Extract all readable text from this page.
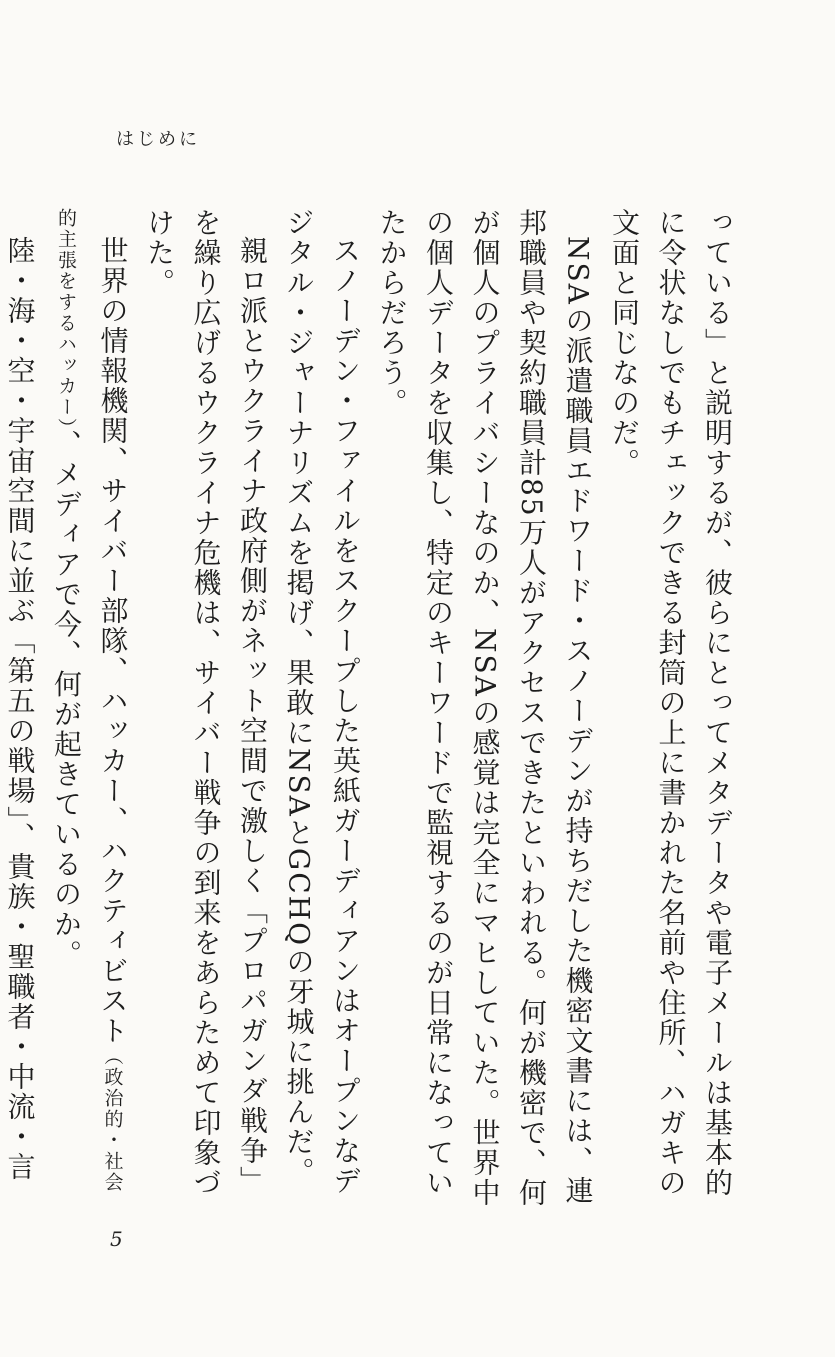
はじめに

っている」と説明するが、彼らにとってメタデータや電子メールは基本的に令状なしでもチェックできる封筒の上に書かれた名前や住所、ハガキの文面と同じなのだ。

NSAの派遣職員エドワード・スノーデンが持ちだした機密文書には、連邦職員や契約職員計85万人がアクセスできたといわれる。何が機密で、何が個人のプライバシーなのか、NSAの感覚は完全にマヒしていた。世界中の個人データを収集し、特定のキーワードで監視するのが日常になっていたからだろう。

スノーデン・ファイルをスクープした英紙ガーディアンはオープンなデジタル・ジャーナリズムを掲げ、果敢にNSAとGCHQの牙城に挑んだ。

親ロ派とウクライナ政府側がネット空間で激しく「プロパガンダ戦争」を繰り広げるウクライナ危機は、サイバー戦争の到来をあらためて印象づけた。

世界の情報機関、サイバー部隊、ハッカー、ハクティビスト（政治的・社会的主張をするハッカー）、メディアで今、何が起きているのか。

陸・海・空・宇宙空間に並ぶ「第五の戦場」、貴族・聖職者・中流・言

5
